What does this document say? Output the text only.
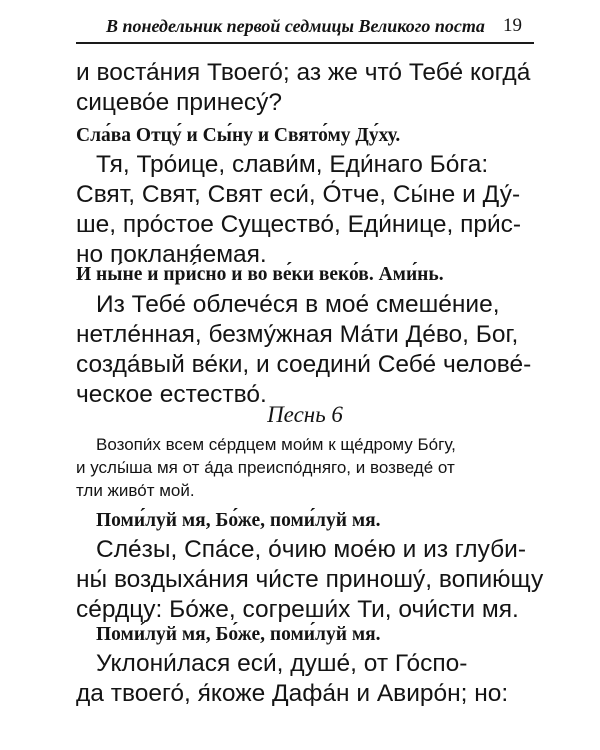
В понедельник первой седмицы Великого поста 19
и воста́ния Твоего́; аз же что́ Тебе́ когда́
сицево́е принесу́?
Сла́ва Отцу́ и Сы́ну и Свято́му Ду́ху.
Тя, Тро́ице, слави́м, Еди́наго Бо́га:
Свят, Свят, Свят еси́, О́тче, Сы́не и Ду́-
ше, про́стое Существо́, Еди́нице, при́с-
но покланя́емая.
И ны́не и при́сно и во ве́ки веко́в. Ами́нь.
Из Тебе́ облече́ся в мое́ смеше́ние,
нетле́нная, безму́жная Ма́ти Де́во, Бог,
созда́вый ве́ки, и соедини́ Себе́ челове́-
ческое естество́.
Песнь 6
Возопи́х всем се́рдцем мои́м к ще́дрому Бо́гу,
и услы́ша мя от а́да преиспо́дняго, и возведе́ от
тли живо́т мой.
Поми́луй мя, Бо́же, поми́луй мя.
Сле́зы, Спа́се, о́чию мое́ю и из глуби-
ны́ воздыха́ния чи́сте приношу́, вопию́щу
се́рдцу: Бо́же, согреши́х Ти, очи́сти мя.
Поми́луй мя, Бо́же, поми́луй мя.
Уклони́лася еси́, душе́, от Го́спо-
да твоего́, я́коже Дафа́н и Авиро́н; но:
